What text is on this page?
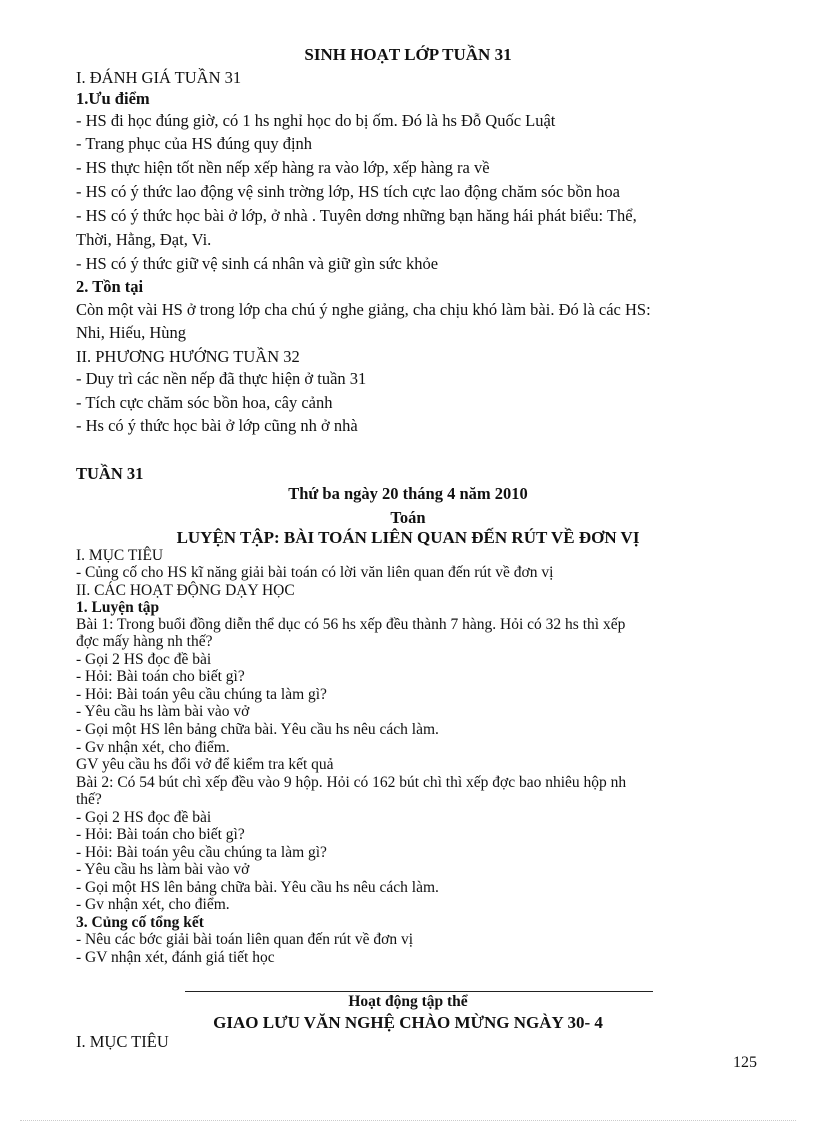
SINH HOẠT LỚP TUẦN 31
I. ĐÁNH GIÁ TUẦN 31
1.Ưu điểm
- HS đi học đúng giờ, có 1 hs nghỉ học do bị ốm. Đó là hs Đỗ Quốc Luật
- Trang phục của HS đúng quy định
- HS thực hiện tốt nền nếp xếp hàng ra vào lớp, xếp hàng ra về
- HS có ý thức lao động vệ sinh trờng lớp, HS tích cực lao động chăm sóc bồn hoa
- HS có ý thức học bài ở lớp, ở nhà . Tuyên dơng những bạn hăng hái phát biểu: Thể,
Thời, Hằng, Đạt, Vi.
- HS có ý thức giữ vệ sinh cá nhân và giữ gìn sức khỏe
2. Tồn tại
Còn một vài HS ở trong lớp cha chú ý nghe giảng, cha chịu khó làm bài. Đó là các HS:
Nhi, Hiếu, Hùng
II. PHƯƠNG HƯỚNG TUẦN 32
- Duy trì các nền nếp đã thực hiện ở tuần 31
- Tích cực chăm sóc bồn hoa, cây cảnh
- Hs có ý thức học bài ở lớp cũng nh ở nhà
TUẦN 31
Thứ ba ngày 20 tháng 4 năm 2010
Toán
LUYỆN TẬP: BÀI TOÁN LIÊN QUAN ĐẾN RÚT VỀ ĐƠN VỊ
I. MỤC TIÊU
- Củng cố cho HS kĩ năng giải bài toán có lời văn liên quan đến rút về đơn vị
II. CÁC HOẠT ĐỘNG DẠY HỌC
1. Luyện tập
Bài 1: Trong buổi đồng diễn thể dục có 56 hs xếp đều thành 7 hàng. Hỏi có 32 hs thì xếp
đợc mấy hàng nh thế?
- Gọi 2 HS đọc đề bài
- Hỏi: Bài toán cho biết gì?
- Hỏi: Bài toán yêu cầu chúng ta làm gì?
- Yêu cầu hs làm bài vào vở
- Gọi một HS lên bảng chữa bài. Yêu cầu hs nêu cách làm.
- Gv nhận xét, cho điểm.
GV yêu cầu hs đổi vở để kiểm tra kết quả
Bài 2: Có 54 bút chì xếp đều vào 9 hộp. Hỏi có 162 bút chì thì xếp đợc bao nhiêu hộp nh
thế?
- Gọi 2 HS đọc đề bài
- Hỏi: Bài toán cho biết gì?
- Hỏi: Bài toán yêu cầu chúng ta làm gì?
- Yêu cầu hs làm bài vào vở
- Gọi một HS lên bảng chữa bài. Yêu cầu hs nêu cách làm.
- Gv nhận xét, cho điểm.
3. Củng cố tổng kết
- Nêu các bớc giải bài toán liên quan đến rút về đơn vị
- GV nhận xét, đánh giá tiết học
Hoạt động tập thể
GIAO LƯU VĂN NGHỆ CHÀO MỪNG NGÀY 30- 4
I. MỤC TIÊU
125
